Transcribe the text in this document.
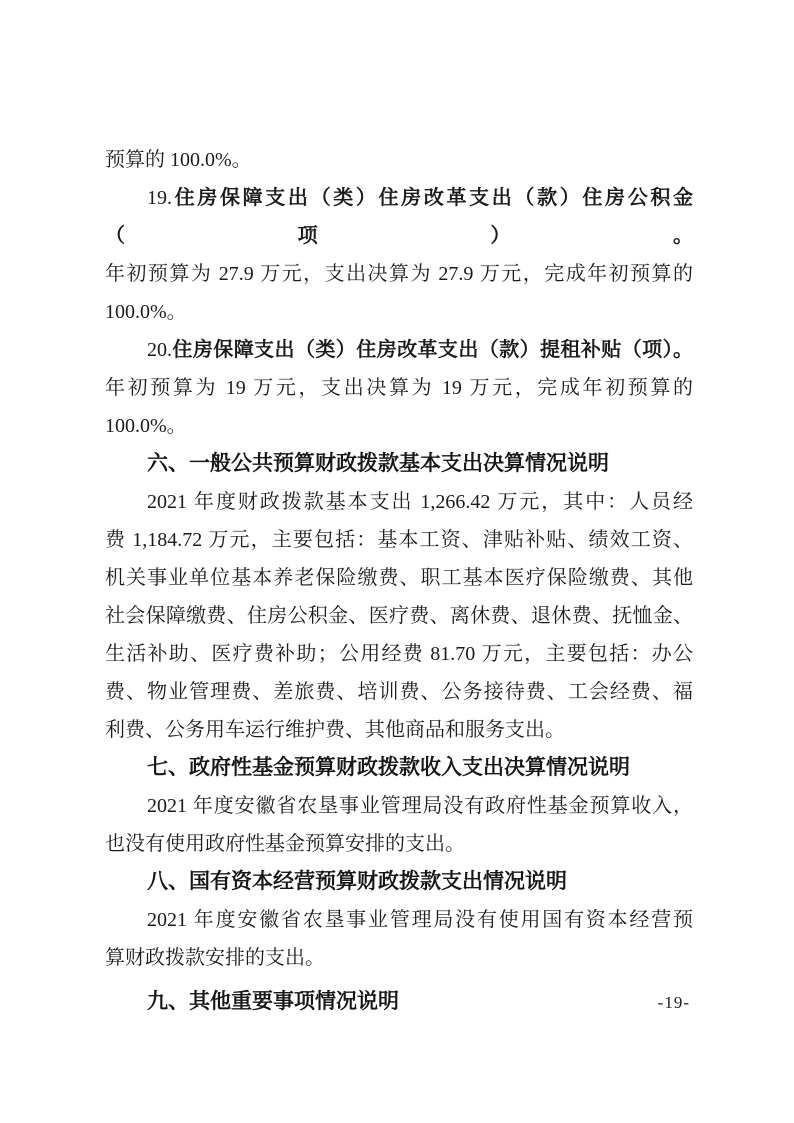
预算的 100.0%。
19.住房保障支出（类）住房改革支出（款）住房公积金（项）。
年初预算为 27.9 万元，支出决算为 27.9 万元，完成年初预算的
100.0%。
20.住房保障支出（类）住房改革支出（款）提租补贴（项）。
年初预算为 19 万元，支出决算为 19 万元，完成年初预算的
100.0%。
六、一般公共预算财政拨款基本支出决算情况说明
2021 年度财政拨款基本支出 1,266.42 万元，其中：人员经
费 1,184.72 万元，主要包括：基本工资、津贴补贴、绩效工资、
机关事业单位基本养老保险缴费、职工基本医疗保险缴费、其他
社会保障缴费、住房公积金、医疗费、离休费、退休费、抚恤金、
生活补助、医疗费补助；公用经费 81.70 万元，主要包括：办公
费、物业管理费、差旅费、培训费、公务接待费、工会经费、福
利费、公务用车运行维护费、其他商品和服务支出。
七、政府性基金预算财政拨款收入支出决算情况说明
2021 年度安徽省农垦事业管理局没有政府性基金预算收入，
也没有使用政府性基金预算安排的支出。
八、国有资本经营预算财政拨款支出情况说明
2021 年度安徽省农垦事业管理局没有使用国有资本经营预
算财政拨款安排的支出。
九、其他重要事项情况说明	-19-
